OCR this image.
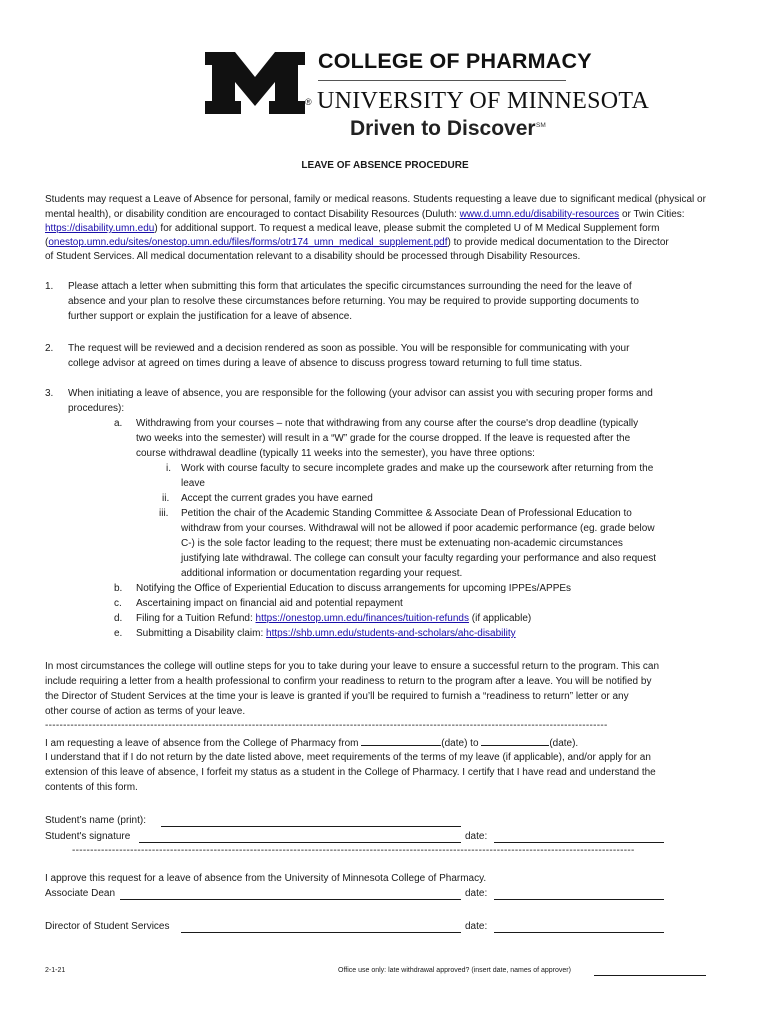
®
COLLEGE OF PHARMACY
UNIVERSITY OF MINNESOTA
Driven to Discover SM
LEAVE OF ABSENCE PROCEDURE
Students may request a Leave of Absence for personal, family or medical reasons. Students requesting a leave due to significant medical (physical or
mental health), or disability condition are encouraged to contact Disability Resources (Duluth: www.d.umn.edu/disability-resources or Twin Cities:
https://disability.umn.edu) for additional support. To request a medical leave, please submit the completed U of M Medical Supplement form
(onestop.umn.edu/sites/onestop.umn.edu/files/forms/otr174_umn_medical_supplement.pdf) to provide medical documentation to the Director
of Student Services. All medical documentation relevant to a disability should be processed through Disability Resources.
1. Please attach a letter when submitting this form that articulates the specific circumstances surrounding the need for the leave of
absence and your plan to resolve these circumstances before returning. You may be required to provide supporting documents to
further support or explain the justification for a leave of absence.
2. The request will be reviewed and a decision rendered as soon as possible. You will be responsible for communicating with your
college advisor at agreed on times during a leave of absence to discuss progress toward returning to full time status.
3. When initiating a leave of absence, you are responsible for the following (your advisor can assist you with securing proper forms and
procedures):
a. Withdrawing from your courses – note that withdrawing from any course after the course's drop deadline (typically
two weeks into the semester) will result in a “W” grade for the course dropped. If the leave is requested after the
course withdrawal deadline (typically 11 weeks into the semester), you have three options:
i. Work with course faculty to secure incomplete grades and make up the coursework after returning from the
leave
ii. Accept the current grades you have earned
iii. Petition the chair of the Academic Standing Committee & Associate Dean of Professional Education to
withdraw from your courses. Withdrawal will not be allowed if poor academic performance (eg. grade below
C-) is the sole factor leading to the request; there must be extenuating non-academic circumstances
justifying late withdrawal. The college can consult your faculty regarding your performance and also request
additional information or documentation regarding your request.
b. Notifying the Office of Experiential Education to discuss arrangements for upcoming IPPEs/APPEs
c. Ascertaining impact on financial aid and potential repayment
d. Filing for a Tuition Refund: https://onestop.umn.edu/finances/tuition-refunds (if applicable)
e. Submitting a Disability claim: https://shb.umn.edu/students-and-scholars/ahc-disability
In most circumstances the college will outline steps for you to take during your leave to ensure a successful return to the program. This can
include requiring a letter from a health professional to confirm your readiness to return to the program after a leave. You will be notified by
the Director of Student Services at the time your is leave is granted if you’ll be required to furnish a “readiness to return” letter or any
other course of action as terms of your leave.
-----------------------------------------------------------------------------------------------------------------------------------------------------------
I am requesting a leave of absence from the College of Pharmacy from	(date) to	(date).
I understand that if I do not return by the date listed above, meet requirements of the terms of my leave (if applicable), and/or apply for an
extension of this leave of absence, I forfeit my status as a student in the College of Pharmacy. I certify that I have read and understand the
contents of this form.
Student’s name (print):
Student's signature	date:
-----------------------------------------------------------------------------------------------------------------------------------------------------------
I approve this request for a leave of absence from the University of Minnesota College of Pharmacy.
Associate Dean	date:
Director of Student Services	date:
2-1-21	Office use only: late withdrawal approved? (insert date, names of approver)
